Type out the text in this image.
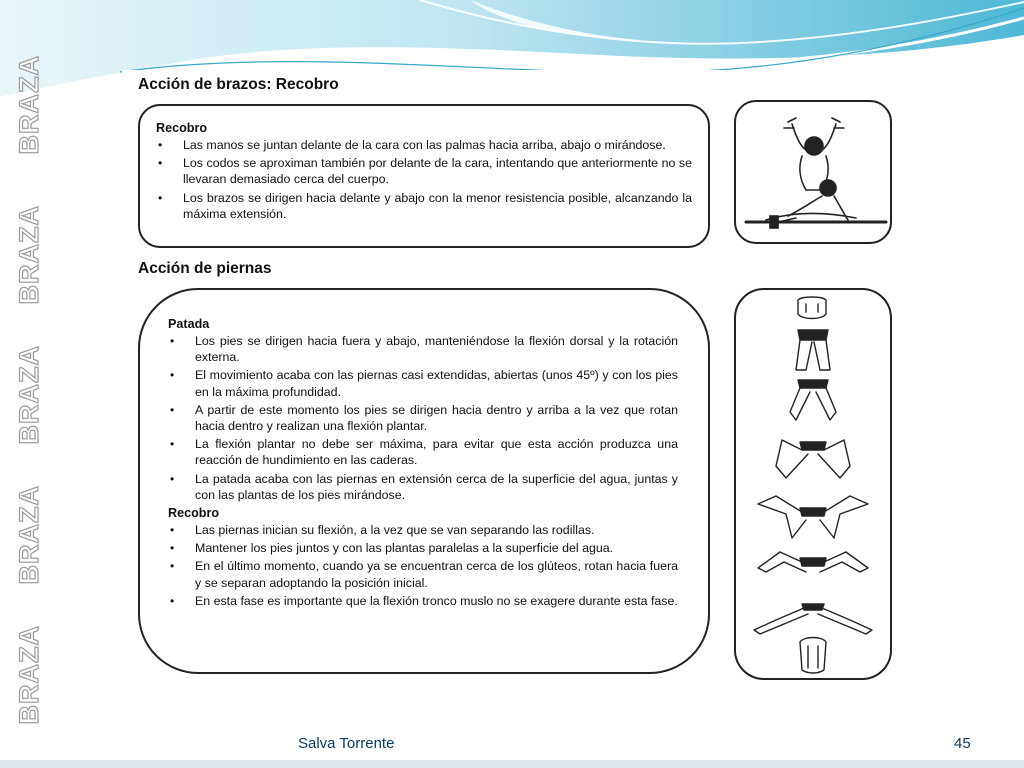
BRAZA
BRAZA
BRAZA
BRAZA
BRAZA
Acción de brazos: Recobro
Recobro
• Las manos se juntan delante de la cara con las palmas hacia arriba, abajo o mirándose.
• Los codos se aproximan también por delante de la cara, intentando que anteriormente no se llevaran demasiado cerca del cuerpo.
• Los brazos se dirigen hacia delante y abajo con la menor resistencia posible, alcanzando la máxima extensión.
Acción de piernas
Patada
• Los pies se dirigen hacia fuera y abajo, manteniéndose la flexión dorsal y la rotación externa.
• El movimiento acaba con las piernas casi extendidas, abiertas (unos 45º) y con los pies en la máxima profundidad.
• A partir de este momento los pies se dirigen hacia dentro y arriba a la vez que rotan hacia dentro y realizan una flexión plantar.
• La flexión plantar no debe ser máxima, para evitar que esta acción produzca una reacción de hundimiento en las caderas.
• La patada acaba con las piernas en extensión cerca de la superficie del agua, juntas y con las plantas de los pies mirándose.
Recobro
• Las piernas inician su flexión, a la vez que se van separando las rodillas.
• Mantener los pies juntos y con las plantas paralelas a la superficie del agua.
• En el último momento, cuando ya se encuentran cerca de los glúteos, rotan hacia fuera y se separan adoptando la posición inicial.
• En esta fase es importante que la flexión tronco muslo no se exagere durante esta fase.
Salva Torrente	45
